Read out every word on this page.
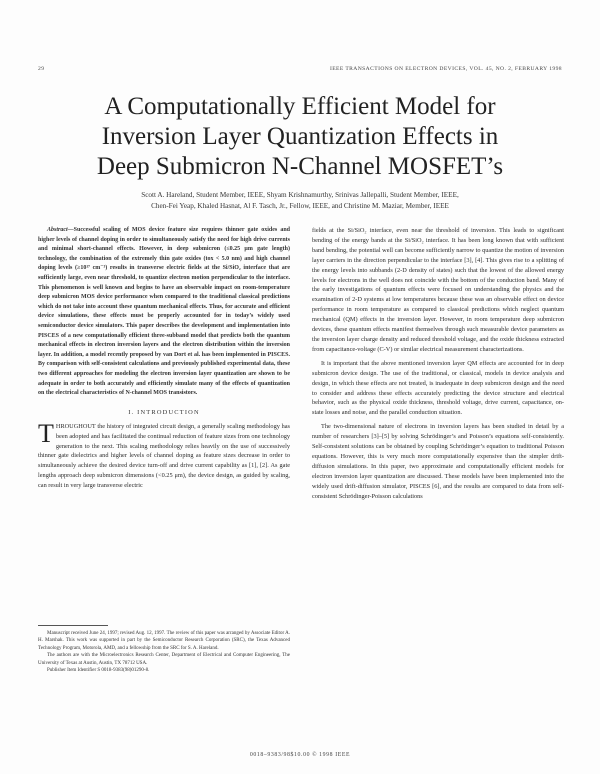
29	IEEE TRANSACTIONS ON ELECTRON DEVICES, VOL. 45, NO. 2, FEBRUARY 1998
A Computationally Efficient Model for
Inversion Layer Quantization Effects in
Deep Submicron N-Channel MOSFET’s
Scott A. Hareland, Student Member, IEEE, Shyam Krishnamurthy, Srinivas Jallepalli, Student Member, IEEE,
Chen-Fei Yeap, Khaled Hasnat, Al F. Tasch, Jr., Fellow, IEEE, and Christine M. Maziar, Member, IEEE

Abstract—Successful scaling of MOS device feature size requires thinner gate oxides and higher levels of channel doping in order to simultaneously satisfy the need for high drive currents and minimal short-channel effects. However, in deep submicron (≤0.25 μm gate length) technology, the combination of the extremely thin gate oxides (tox < 5.0 nm) and high channel doping levels (≥10¹⁷ cm⁻³) results in transverse electric fields at the Si/SiO₂ interface that are sufficiently large, even near threshold, to quantize electron motion perpendicular to the interface. This phenomenon is well known and begins to have an observable impact on room-temperature deep submicron MOS device performance when compared to the traditional classical predictions which do not take into account these quantum mechanical effects. Thus, for accurate and efficient device simulations, these effects must be properly accounted for in today’s widely used semiconductor device simulators. This paper describes the development and implementation into PISCES of a new computationally efficient three-subband model that predicts both the quantum mechanical effects in electron inversion layers and the electron distribution within the inversion layer. In addition, a model recently proposed by van Dort et al. has been implemented in PISCES. By comparison with self-consistent calculations and previously published experimental data, these two different approaches for modeling the electron inversion layer quantization are shown to be adequate in order to both accurately and efficiently simulate many of the effects of quantization on the electrical characteristics of N-channel MOS transistors.

I. INTRODUCTION
T HROUGHOUT the history of integrated circuit design, a generally scaling methodology has been adopted and has facilitated the continual reduction of feature sizes from one technology generation to the next. This scaling methodology relies heavily on the use of successively thinner gate dielectrics and higher levels of channel doping as feature sizes decrease in order to simultaneously achieve the desired device turn-off and drive current capability as [1], [2]. As gate lengths approach deep submicron dimensions (<0.25 μm), the device design, as guided by scaling, can result in very large transverse electric

Manuscript received June 24, 1997; revised Aug. 12, 1997. The review of this paper was arranged by Associate Editor A. H. Marshak. This work was supported in part by the Semiconductor Research Corporation (SRC), the Texas Advanced Technology Program, Motorola, AMD, and a fellowship from the SRC for S. A. Hareland.

The authors are with the Microelectronics Research Center, Department of Electrical and Computer Engineering, The University of Texas at Austin, Austin, TX 78712 USA.

Publisher Item Identifier S 0018-9383(98)01290-8.

fields at the Si/SiO₂ interface, even near the threshold of inversion. This leads to significant bending of the energy bands at the Si/SiO₂ interface. It has been long known that with sufficient band bending, the potential well can become sufficiently narrow to quantize the motion of inversion layer carriers in the direction perpendicular to the interface [3], [4]. This gives rise to a splitting of the energy levels into subbands (2-D density of states) such that the lowest of the allowed energy levels for electrons in the well does not coincide with the bottom of the conduction band. Many of the early investigations of quantum effects were focused on understanding the physics and the examination of 2-D systems at low temperatures because these was an observable effect on device performance in room temperature as compared to classical predictions which neglect quantum mechanical (QM) effects in the inversion layer. However, in room temperature deep submicron devices, these quantum effects manifest themselves through such measurable device parameters as the inversion layer charge density and reduced threshold voltage, and the oxide thickness extracted from capacitance-voltage (C-V) or similar electrical measurement characterizations.

It is important that the above mentioned inversion layer QM effects are accounted for in deep submicron device design. The use of the traditional, or classical, models in device analysis and design, in which these effects are not treated, is inadequate in deep submicron design and the need to consider and address these effects accurately predicting the device structure and electrical behavior, such as the physical oxide thickness, threshold voltage, drive current, capacitance, on-state losses and noise, and the parallel conduction situation.

The two-dimensional nature of electrons in inversion layers has been studied in detail by a number of researchers [3]–[5] by solving Schrödinger’s and Poisson’s equations self-consistently. Self-consistent solutions can be obtained by coupling Schrödinger’s equation to traditional Poisson equations. However, this is very much more computationally expensive than the simpler drift-diffusion simulations. In this paper, two approximate and computationally efficient models for electron inversion layer quantization are discussed. These models have been implemented into the widely used drift-diffusion simulator, PISCES [6], and the results are compared to data from self-consistent Schrödinger-Poisson calculations

0018–9383/98$10.00 © 1998 IEEE
